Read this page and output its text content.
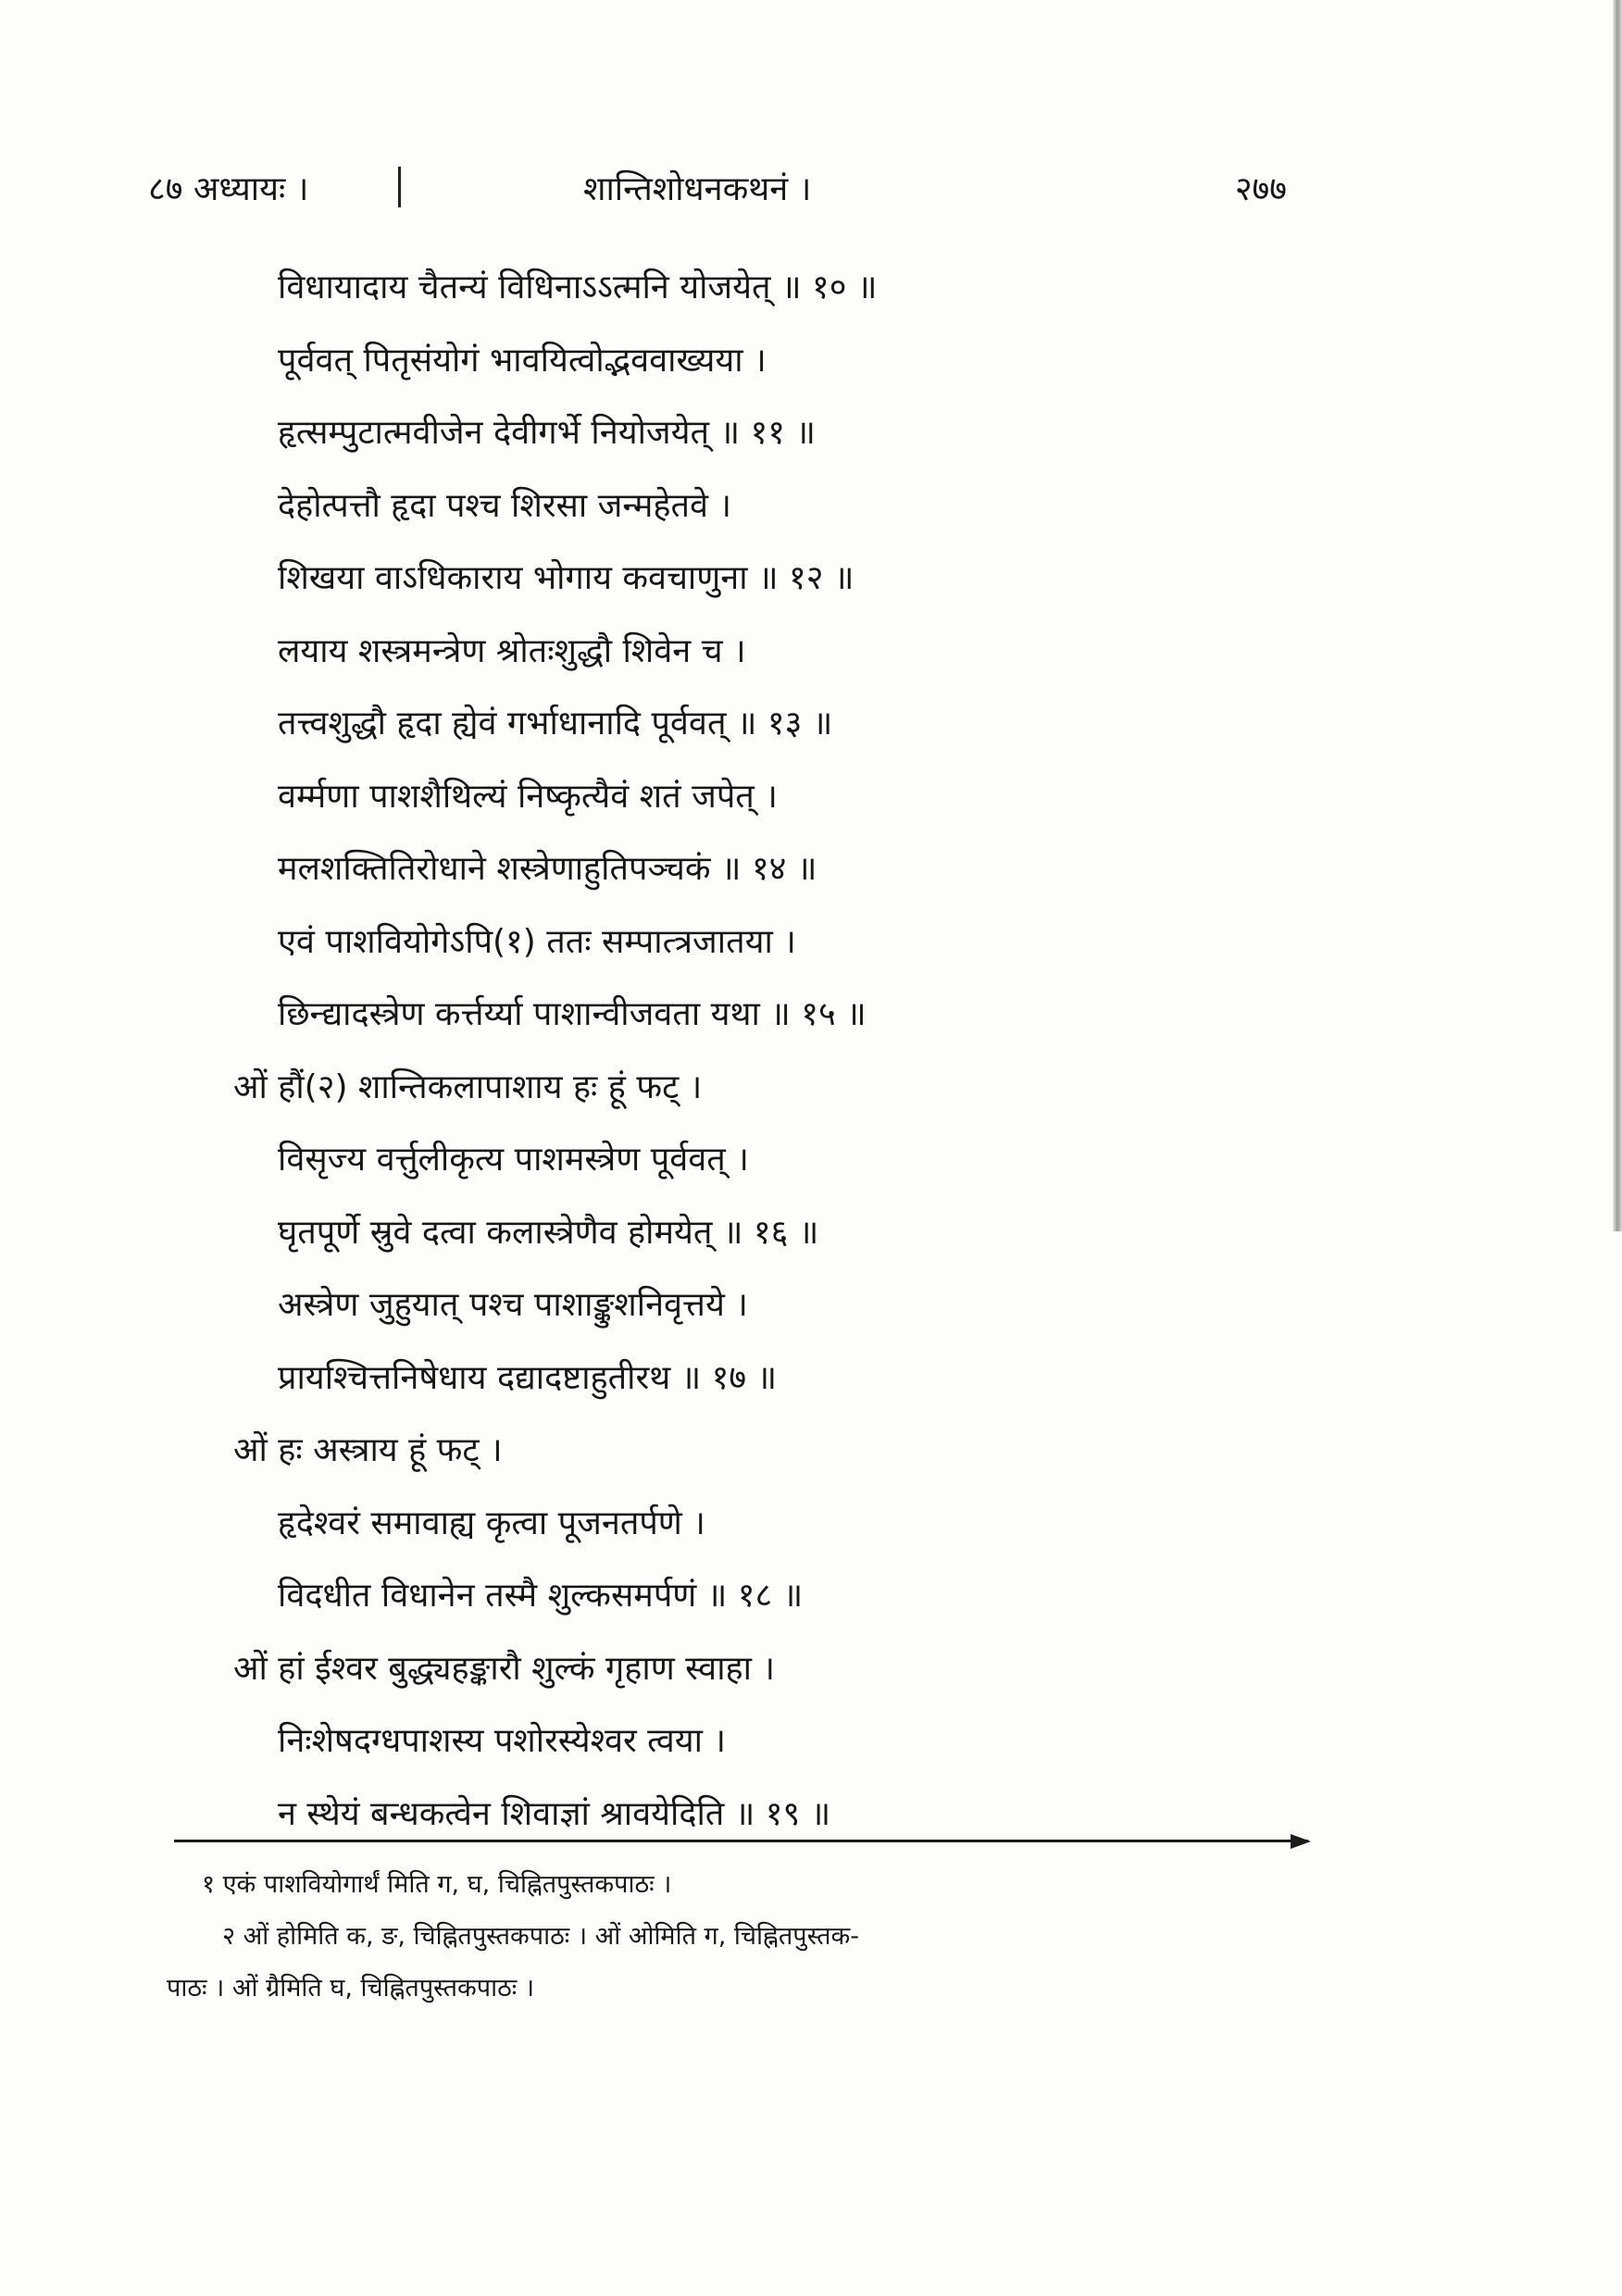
८७ अध्यायः ।	शान्तिशोधनकथनं ।	२७७
विधायादाय चैतन्यं विधिनाऽऽत्मनि योजयेत् ॥ १० ॥
पूर्ववत् पितृसंयोगं भावयित्वोद्भववाख्यया ।
हृत्सम्पुटात्मवीजेन देवीगर्भे नियोजयेत् ॥ ११ ॥
देहोत्पत्तौ हृदा पश्च शिरसा जन्महेतवे ।
शिखया वाऽधिकाराय भोगाय कवचाणुना ॥ १२ ॥
लयाय शस्त्रमन्त्रेण श्रोतःशुद्धौ शिवेन च ।
तत्त्वशुद्धौ हृदा ह्येवं गर्भाधानादि पूर्ववत् ॥ १३ ॥
वर्म्मणा पाशशैथिल्यं निष्कृत्यैवं शतं जपेत् ।
मलशक्तितिरोधाने शस्त्रेणाहुतिपञ्चकं ॥ १४ ॥
एवं पाशवियोगेऽपि(१) ततः सम्पात्त्रजातया ।
छिन्द्यादस्त्रेण कर्त्तर्य्या पाशान्वीजवता यथा ॥ १५ ॥
ओं हौं(२) शान्तिकलापाशाय हः हूं फट् ।
विसृज्य वर्त्तुलीकृत्य पाशमस्त्रेण पूर्ववत् ।
घृतपूर्णे स्रुवे दत्वा कलास्त्रेणैव होमयेत् ॥ १६ ॥
अस्त्रेण जुहुयात् पश्च पाशाङ्कुशनिवृत्तये ।
प्रायश्चित्तनिषेधाय दद्यादष्टाहुतीरथ ॥ १७ ॥
ओं हः अस्त्राय हूं फट् ।
हृदेश्वरं समावाह्य कृत्वा पूजनतर्पणे ।
विदधीत विधानेन तस्मै शुल्कसमर्पणं ॥ १८ ॥
ओं हां ईश्वर बुद्ध्यहङ्कारौ शुल्कं गृहाण स्वाहा ।
निःशेषदग्धपाशस्य पशोरस्येश्वर त्वया ।
न स्थेयं बन्धकत्वेन शिवाज्ञां श्रावयेदिति ॥ १९ ॥
१ एकं पाशवियोगार्थं मिति ग, घ, चिह्नितपुस्तकपाठः ।
२ ओं होमिति क, ङ, चिह्नितपुस्तकपाठः । ओं ओमिति ग, चिह्नितपुस्तक-
पाठः । ओं ग्रैमिति घ, चिह्नितपुस्तकपाठः ।
